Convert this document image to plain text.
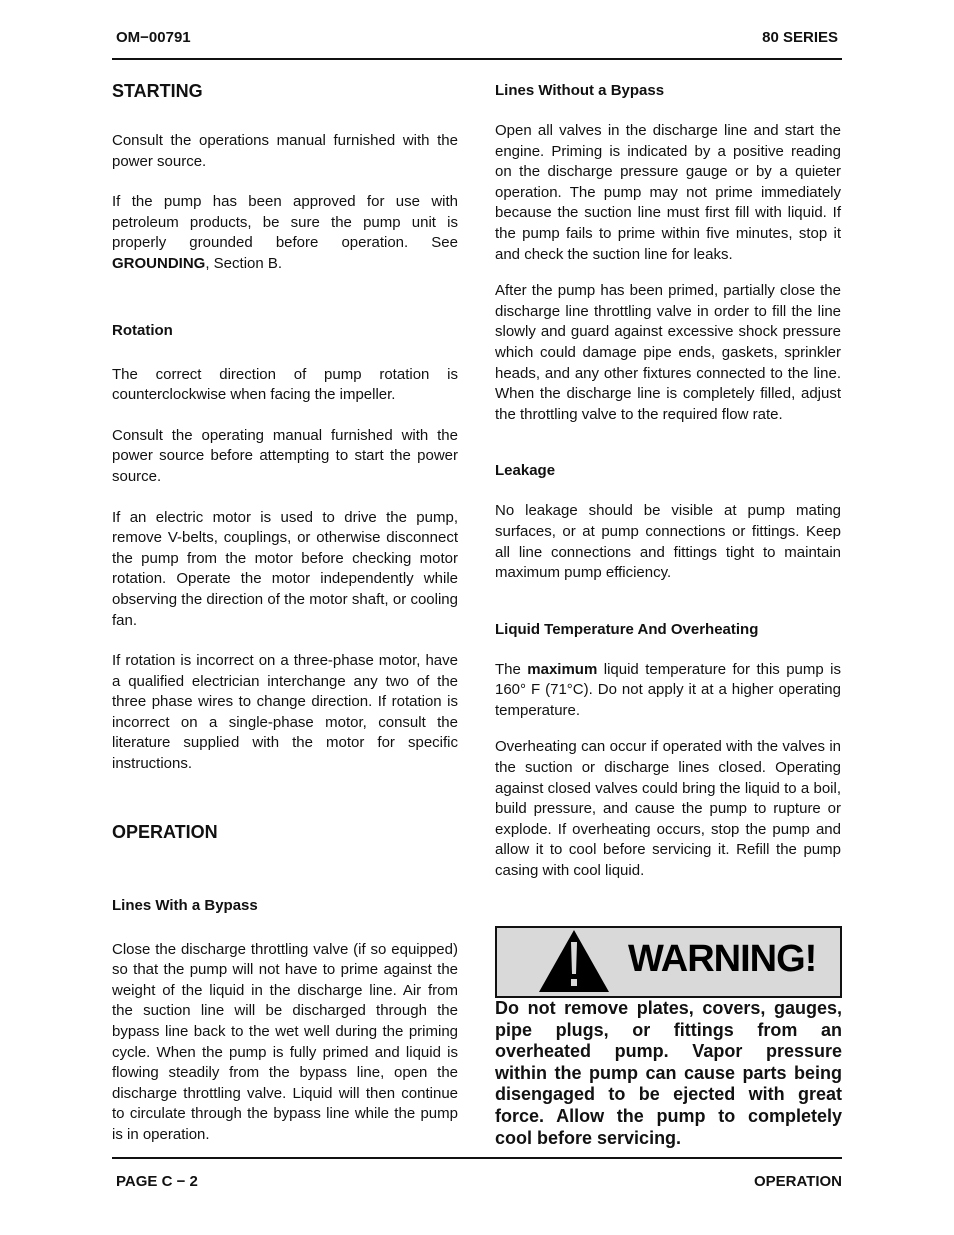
OM−00791	80 SERIES
STARTING

Consult the operations manual furnished with the power source.

If the pump has been approved for use with petroleum products, be sure the pump unit is properly grounded before operation. See GROUNDING, Section B.

Rotation

The correct direction of pump rotation is counterclockwise when facing the impeller.

Consult the operating manual furnished with the power source before attempting to start the power source.

If an electric motor is used to drive the pump, remove V-belts, couplings, or otherwise disconnect the pump from the motor before checking motor rotation. Operate the motor independently while observing the direction of the motor shaft, or cooling fan.

If rotation is incorrect on a three-phase motor, have a qualified electrician interchange any two of the three phase wires to change direction. If rotation is incorrect on a single-phase motor, consult the literature supplied with the motor for specific instructions.

OPERATION
Lines With a Bypass

Close the discharge throttling valve (if so equipped) so that the pump will not have to prime against the weight of the liquid in the discharge line. Air from the suction line will be discharged through the bypass line back to the wet well during the priming cycle. When the pump is fully primed and liquid is flowing steadily from the bypass line, open the discharge throttling valve. Liquid will then continue to circulate through the bypass line while the pump is in operation.

Lines Without a Bypass

Open all valves in the discharge line and start the engine. Priming is indicated by a positive reading on the discharge pressure gauge or by a quieter operation. The pump may not prime immediately because the suction line must first fill with liquid. If the pump fails to prime within five minutes, stop it and check the suction line for leaks.

After the pump has been primed, partially close the discharge line throttling valve in order to fill the line slowly and guard against excessive shock pressure which could damage pipe ends, gaskets, sprinkler heads, and any other fixtures connected to the line. When the discharge line is completely filled, adjust the throttling valve to the required flow rate.

Leakage

No leakage should be visible at pump mating surfaces, or at pump connections or fittings. Keep all line connections and fittings tight to maintain maximum pump efficiency.

Liquid Temperature And Overheating

The maximum liquid temperature for this pump is 160° F (71°C). Do not apply it at a higher operating temperature.

Overheating can occur if operated with the valves in the suction or discharge lines closed. Operating against closed valves could bring the liquid to a boil, build pressure, and cause the pump to rupture or explode. If overheating occurs, stop the pump and allow it to cool before servicing it. Refill the pump casing with cool liquid.

WARNING!
Do not remove plates, covers, gauges, pipe plugs, or fittings from an overheated pump. Vapor pressure within the pump can cause parts being disengaged to be ejected with great force. Allow the pump to completely cool before servicing.
PAGE C − 2	OPERATION
